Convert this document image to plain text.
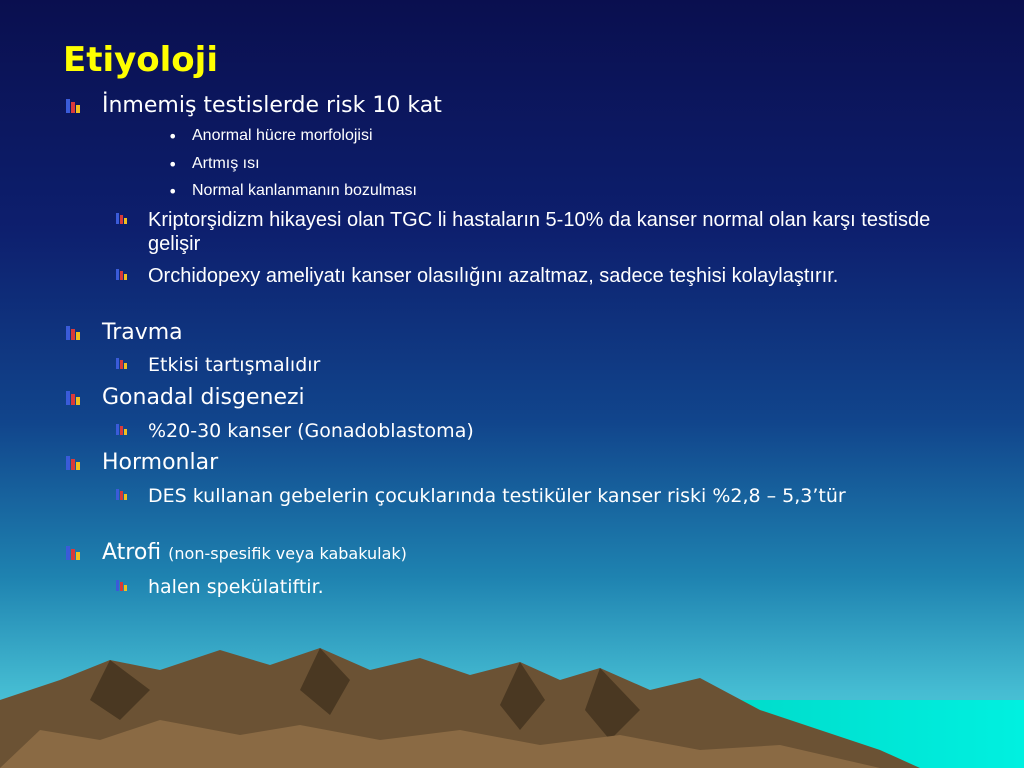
Etiyoloji
İnmemiş testislerde risk 10 kat
• Anormal hücre morfolojisi
• Artmış ısı
• Normal kanlanmanın bozulması
Kriptorşidizm hikayesi olan TGC li hastaların 5-10% da kanser normal olan karşı testisde gelişir
Orchidopexy ameliyatı kanser olasılığını azaltmaz, sadece teşhisi kolaylaştırır.
Travma
Etkisi tartışmalıdır
Gonadal disgenezi
%20-30 kanser (Gonadoblastoma)
Hormonlar
DES kullanan gebelerin çocuklarında testiküler kanser riski %2,8 – 5,3’tür
Atrofi (non-spesifik veya kabakulak)
halen spekülatiftir.
